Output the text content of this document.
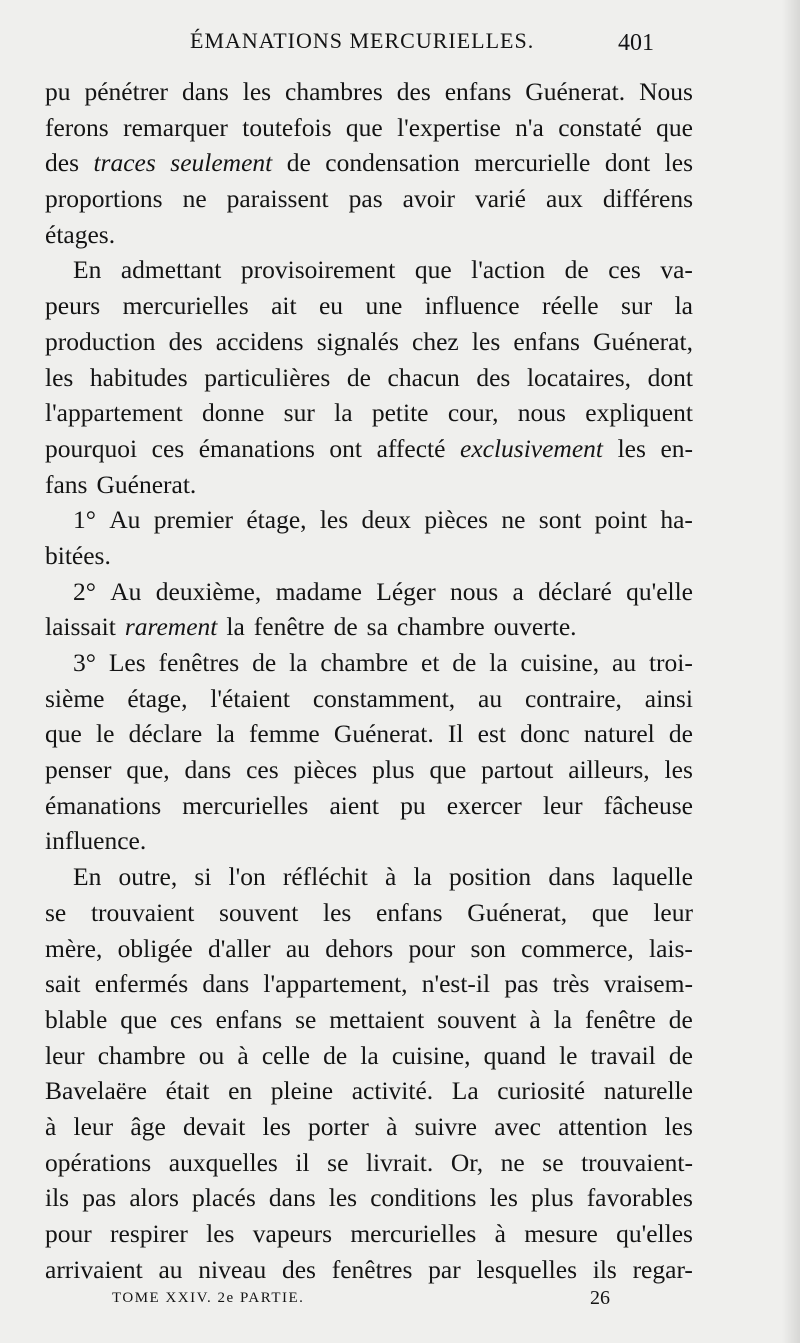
ÉMANATIONS MERCURIELLES.	401
pu pénétrer dans les chambres des enfans Guénerat. Nous
ferons remarquer toutefois que l'expertise n'a constaté que
des traces seulement de condensation mercurielle dont les
proportions ne paraissent pas avoir varié aux différens
étages.
En admettant provisoirement que l'action de ces va-
peurs mercurielles ait eu une influence réelle sur la
production des accidens signalés chez les enfans Guénerat,
les habitudes particulières de chacun des locataires, dont
l'appartement donne sur la petite cour, nous expliquent
pourquoi ces émanations ont affecté exclusivement les en-
fans Guénerat.
1° Au premier étage, les deux pièces ne sont point ha-
bitées.
2° Au deuxième, madame Léger nous a déclaré qu'elle
laissait rarement la fenêtre de sa chambre ouverte.
3° Les fenêtres de la chambre et de la cuisine, au troi-
sième étage, l'étaient constamment, au contraire, ainsi
que le déclare la femme Guénerat. Il est donc naturel de
penser que, dans ces pièces plus que partout ailleurs, les
émanations mercurielles aient pu exercer leur fâcheuse
influence.
En outre, si l'on réfléchit à la position dans laquelle
se trouvaient souvent les enfans Guénerat, que leur
mère, obligée d'aller au dehors pour son commerce, lais-
sait enfermés dans l'appartement, n'est-il pas très vraisem-
blable que ces enfans se mettaient souvent à la fenêtre de
leur chambre ou à celle de la cuisine, quand le travail de
Bavelaëre était en pleine activité. La curiosité naturelle
à leur âge devait les porter à suivre avec attention les
opérations auxquelles il se livrait. Or, ne se trouvaient-
ils pas alors placés dans les conditions les plus favorables
pour respirer les vapeurs mercurielles à mesure qu'elles
arrivaient au niveau des fenêtres par lesquelles ils regar-
TOME XXIV. 2e PARTIE.	26
